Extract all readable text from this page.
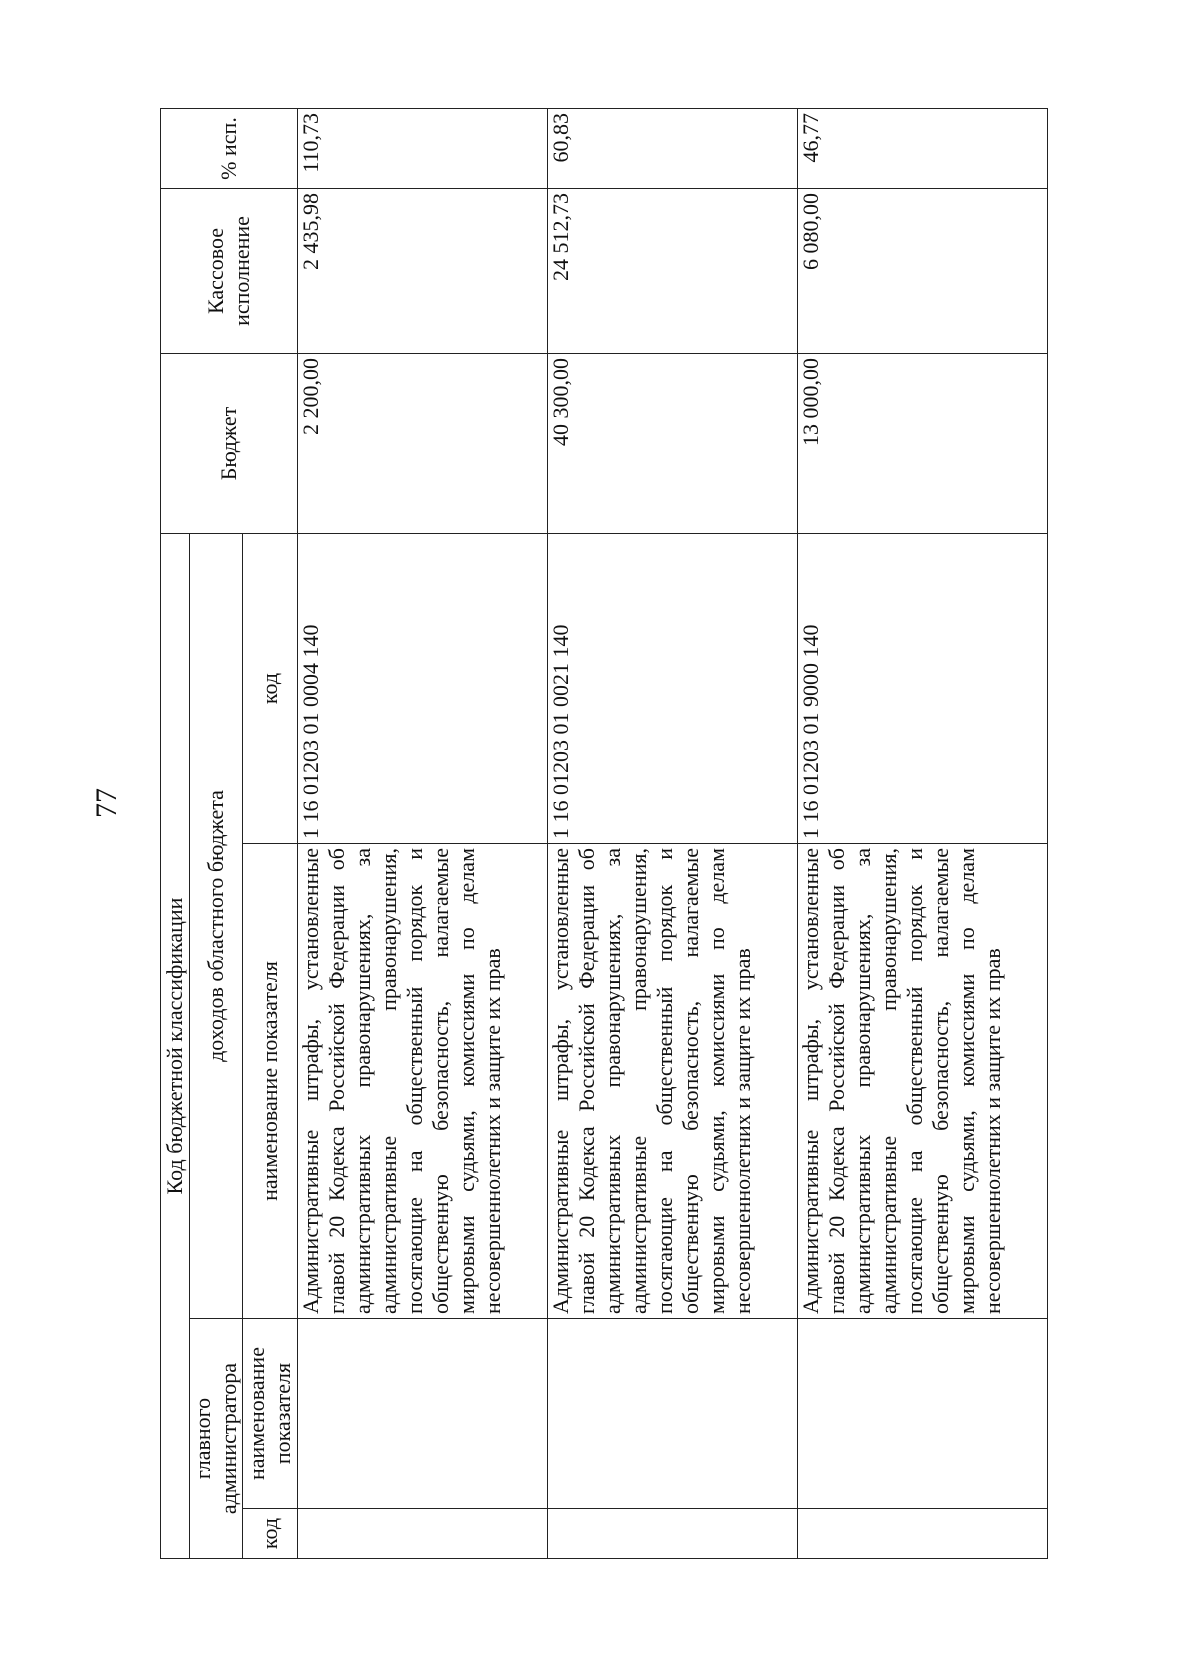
77
Код бюджетной классификации				Бюджет	Кассовое исполнение	% исп.
главного администратора		доходов областного бюджета				
код	наименование показателя	наименование показателя	код			
		Административные штрафы, установленные главой 20 Кодекса Российской Федерации об административных правонарушениях, за административные правонарушения, посягающие на общественный порядок и общественную безопасность, налагаемые мировыми судьями, комиссиями по делам несовершеннолетних и защите их прав	1 16 01203 01 0004 140	2 200,00	2 435,98	110,73
		Административные штрафы, установленные главой 20 Кодекса Российской Федерации об административных правонарушениях, за административные правонарушения, посягающие на общественный порядок и общественную безопасность, налагаемые мировыми судьями, комиссиями по делам несовершеннолетних и защите их прав	1 16 01203 01 0021 140	40 300,00	24 512,73	60,83
		Административные штрафы, установленные главой 20 Кодекса Российской Федерации об административных правонарушениях, за административные правонарушения, посягающие на общественный порядок и общественную безопасность, налагаемые мировыми судьями, комиссиями по делам несовершеннолетних и защите их прав	1 16 01203 01 9000 140	13 000,00	6 080,00	46,77
